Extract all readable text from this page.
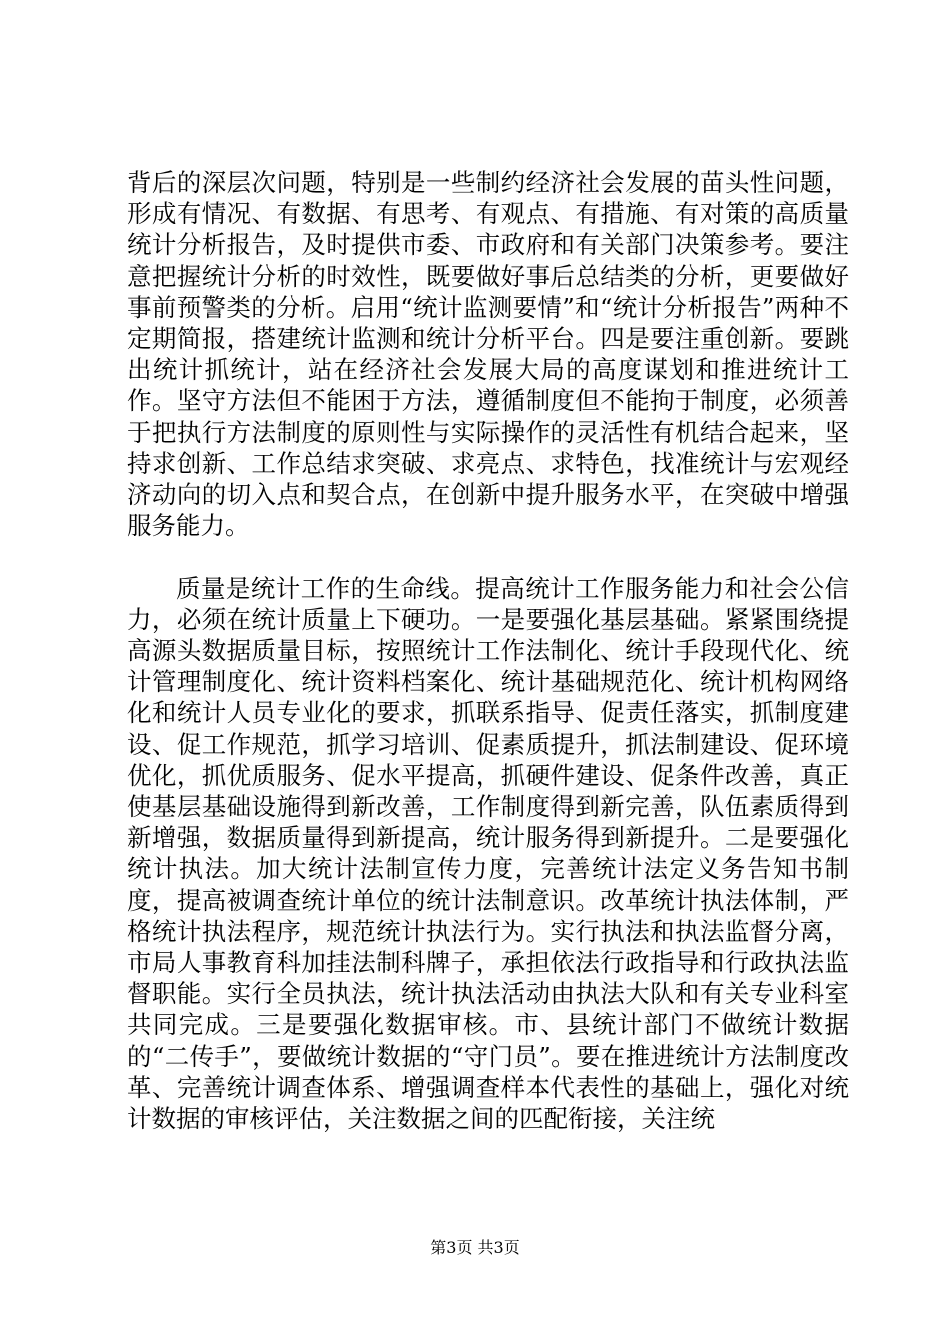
背后的深层次问题，特别是一些制约经济社会发展的苗头性问题，形成有情况、有数据、有思考、有观点、有措施、有对策的高质量统计分析报告，及时提供市委、市政府和有关部门决策参考。要注意把握统计分析的时效性，既要做好事后总结类的分析，更要做好事前预警类的分析。启用“统计监测要情”和“统计分析报告”两种不定期简报，搭建统计监测和统计分析平台。四是要注重创新。要跳出统计抓统计，站在经济社会发展大局的高度谋划和推进统计工作。坚守方法但不能困于方法，遵循制度但不能拘于制度，必须善于把执行方法制度的原则性与实际操作的灵活性有机结合起来，坚持求创新、工作总结求突破、求亮点、求特色，找准统计与宏观经济动向的切入点和契合点，在创新中提升服务水平，在突破中增强服务能力。

质量是统计工作的生命线。提高统计工作服务能力和社会公信力，必须在统计质量上下硬功。一是要强化基层基础。紧紧围绕提高源头数据质量目标，按照统计工作法制化、统计手段现代化、统计管理制度化、统计资料档案化、统计基础规范化、统计机构网络化和统计人员专业化的要求，抓联系指导、促责任落实，抓制度建设、促工作规范，抓学习培训、促素质提升，抓法制建设、促环境优化，抓优质服务、促水平提高，抓硬件建设、促条件改善，真正使基层基础设施得到新改善，工作制度得到新完善，队伍素质得到新增强，数据质量得到新提高，统计服务得到新提升。二是要强化统计执法。加大统计法制宣传力度，完善统计法定义务告知书制度，提高被调查统计单位的统计法制意识。改革统计执法体制，严格统计执法程序，规范统计执法行为。实行执法和执法监督分离，市局人事教育科加挂法制科牌子，承担依法行政指导和行政执法监督职能。实行全员执法，统计执法活动由执法大队和有关专业科室共同完成。三是要强化数据审核。市、县统计部门不做统计数据的“二传手”，要做统计数据的“守门员”。要在推进统计方法制度改革、完善统计调查体系、增强调查样本代表性的基础上，强化对统计数据的审核评估，关注数据之间的匹配衔接，关注统

第3页 共3页
